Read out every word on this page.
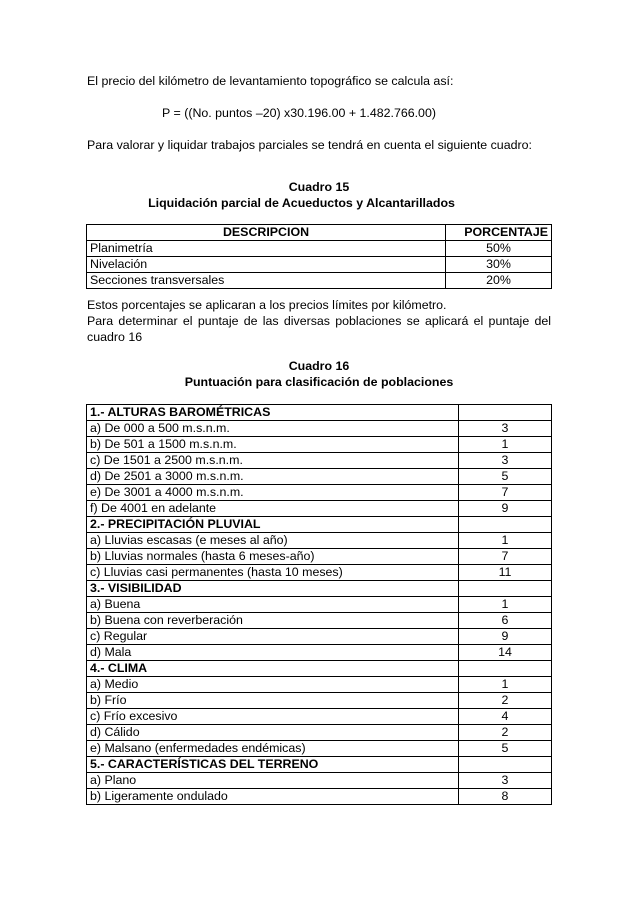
El precio del kilómetro de levantamiento topográfico se calcula así:

P = ((No. puntos –20) x30.196.00 + 1.482.766.00)

Para valorar y liquidar trabajos parciales se tendrá en cuenta el siguiente cuadro:

Cuadro 15

Liquidación parcial de Acueductos y Alcantarillados

DESCRIPCION	PORCENTAJE
Planimetría	50%
Nivelación	30%
Secciones transversales	20%

Estos porcentajes se aplicaran a los precios límites por kilómetro.

Para determinar el puntaje de las diversas poblaciones se aplicará el puntaje del cuadro 16

Cuadro 16

Puntuación para clasificación de poblaciones

1.- ALTURAS BAROMÉTRICAS	
a) De 000 a 500 m.s.n.m.	3
b) De 501 a 1500 m.s.n.m.	1
c) De 1501 a 2500 m.s.n.m.	3
d) De 2501 a 3000 m.s.n.m.	5
e) De 3001 a 4000 m.s.n.m.	7
f) De 4001 en adelante	9
2.- PRECIPITACIÓN PLUVIAL	
a) Lluvias escasas (e meses al año)	1
b) Lluvias normales (hasta 6 meses-año)	7
c) Lluvias casi permanentes (hasta 10 meses)	11
3.- VISIBILIDAD	
a) Buena	1
b) Buena con reverberación	6
c) Regular	9
d) Mala	14
4.- CLIMA	
a) Medio	1
b) Frío	2
c) Frío excesivo	4
d) Cálido	2
e) Malsano (enfermedades endémicas)	5
5.- CARACTERÍSTICAS DEL TERRENO	
a) Plano	3
b) Ligeramente ondulado	8
